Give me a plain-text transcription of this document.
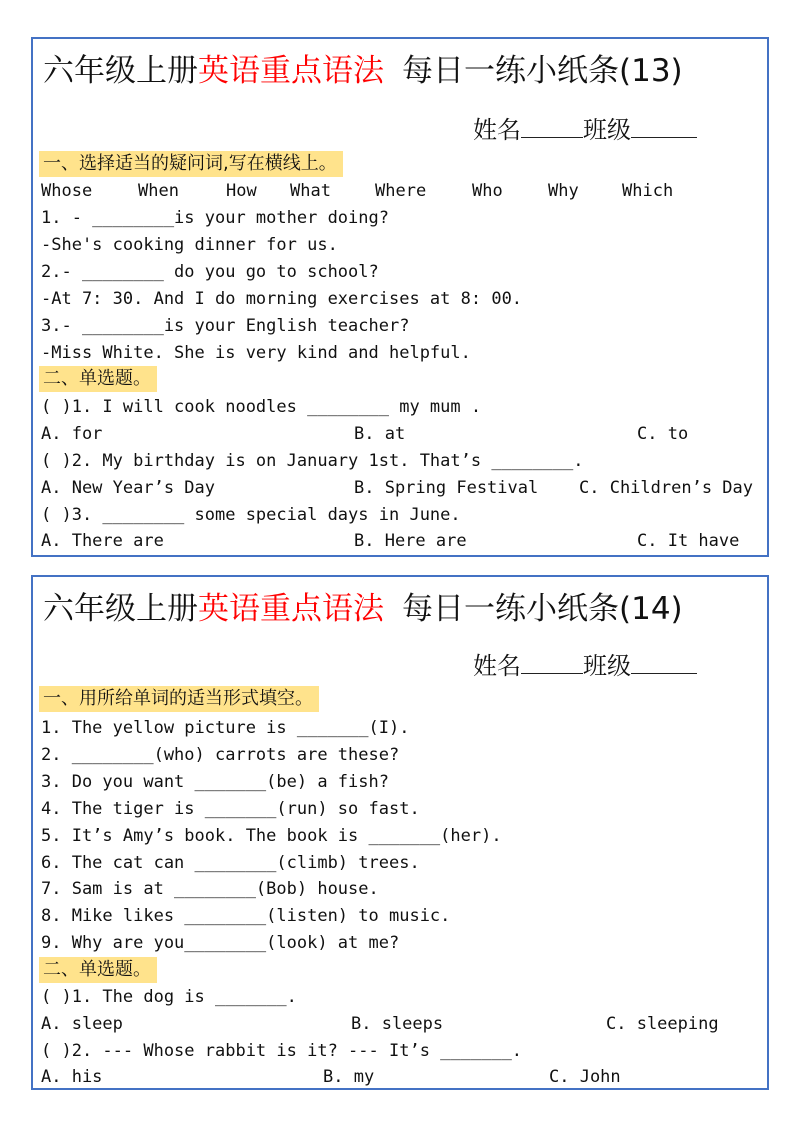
六年级上册英语重点语法 每日一练小纸条(13)
姓名	班级
一、选择适当的疑问词,写在横线上。
Whose	When	How What	Where	Who	Why	Which
1. - ________is your mother doing?
-She's cooking dinner for us.
2.- ________ do you go to school?
-At 7: 30. And I do morning exercises at 8: 00.
3.- ________is your English teacher?
-Miss White. She is very kind and helpful.
二、单选题。
( )1. I will cook noodles ________ my mum .
A. for	B. at	C. to
( )2. My birthday is on January 1st. That’s ________.
A. New Year’s Day	B. Spring Festival C. Children’s Day
( )3. ________ some special days in June.
A. There are	B. Here are	C. It have
六年级上册英语重点语法 每日一练小纸条(14)
姓名	班级
一、用所给单词的适当形式填空。
1. The yellow picture is _______(I).
2. ________(who) carrots are these?
3. Do you want _______(be) a fish?
4. The tiger is _______(run) so fast.
5. It’s Amy’s book. The book is _______(her).
6. The cat can ________(climb) trees.
7. Sam is at ________(Bob) house.
8. Mike likes ________(listen) to music.
9. Why are you________(look) at me?
二、单选题。
( )1. The dog is _______.
A. sleep	B. sleeps	C. sleeping
( )2. --- Whose rabbit is it? --- It’s _______.
A. his	B. my	C. John
